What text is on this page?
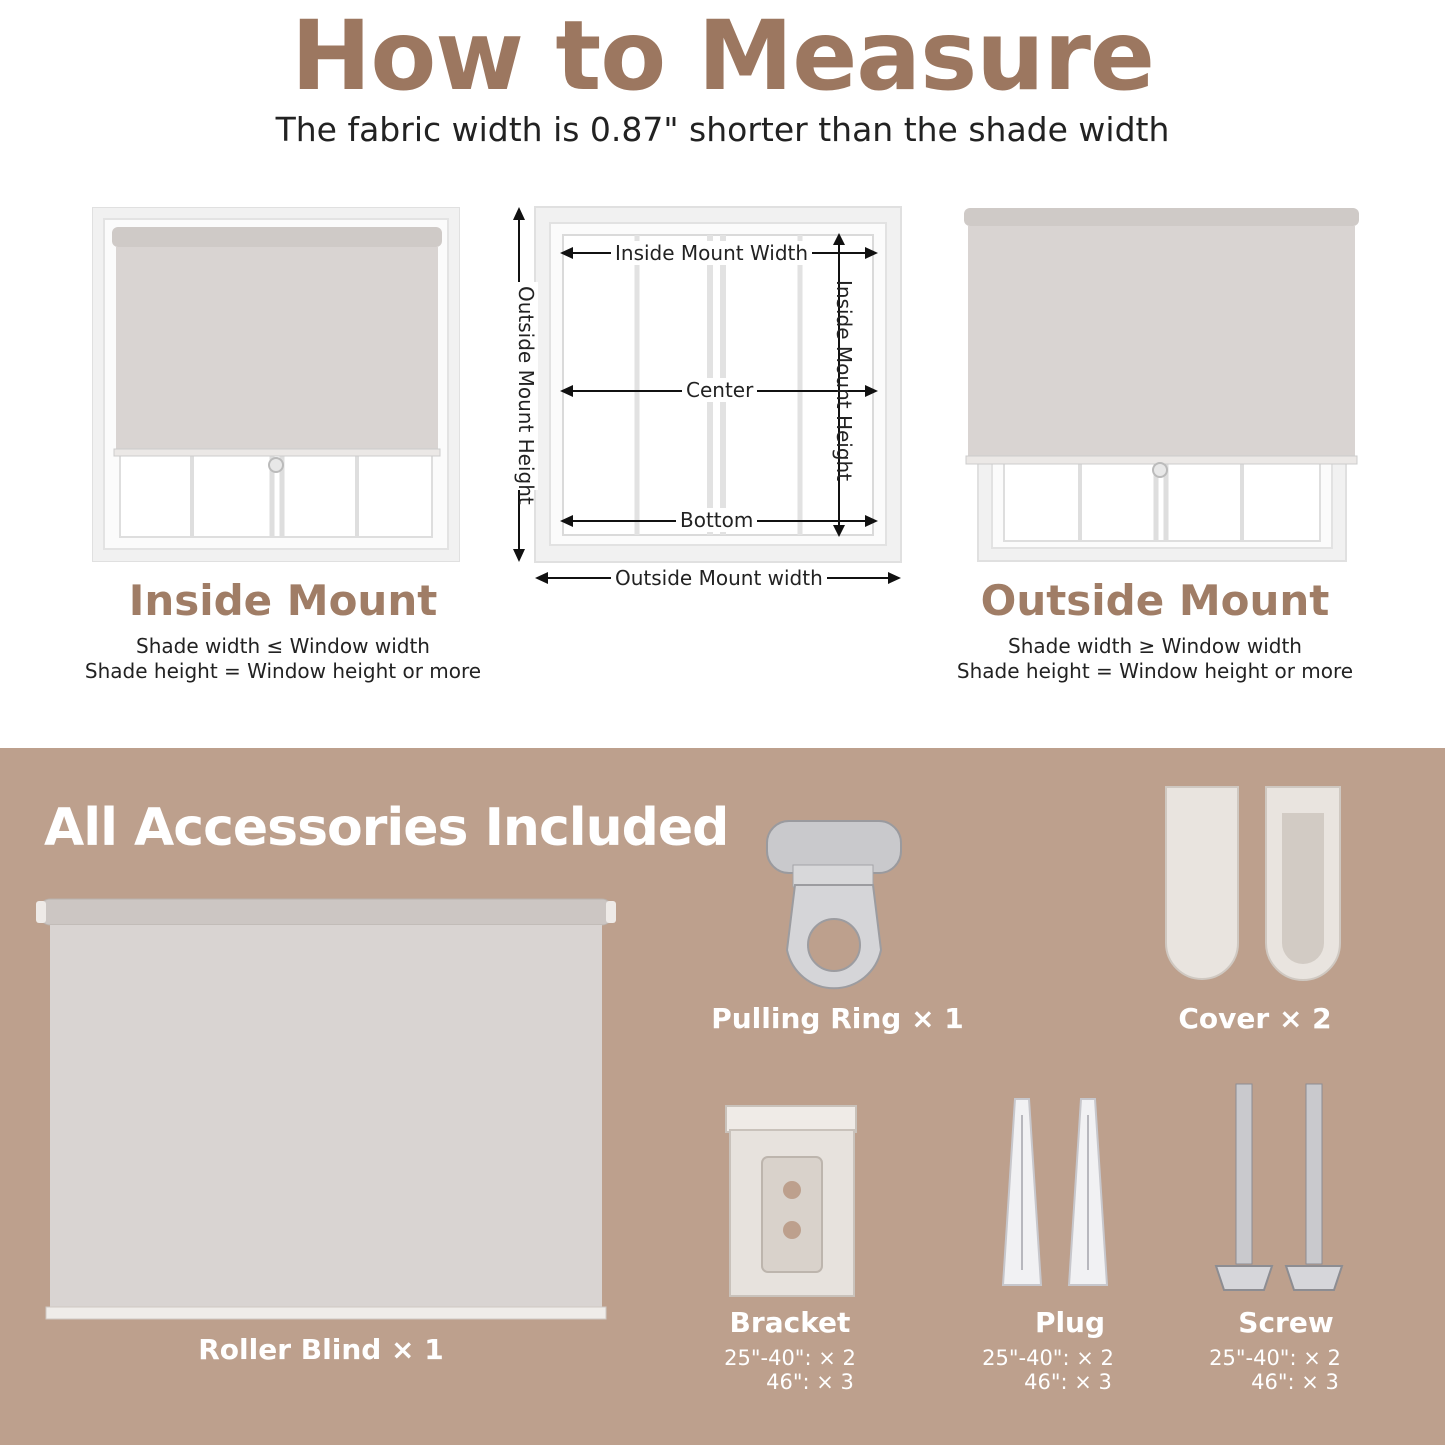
How to Measure
The fabric width is 0.87" shorter than the shade width
Inside Mount Width
Center
Bottom
Outside Mount width
Outside Mount Height	Inside Mount Height
Inside Mount
Shade width ≤ Window width
Shade height = Window height or more
Outside Mount
Shade width ≥ Window width
Shade height = Window height or more
All Accessories Included
Roller Blind × 1
Pulling Ring × 1	Cover × 2
Bracket
25"-40": × 2
46": × 3
Plug
25"-40": × 2
46": × 3
Screw
25"-40": × 2
46": × 3
